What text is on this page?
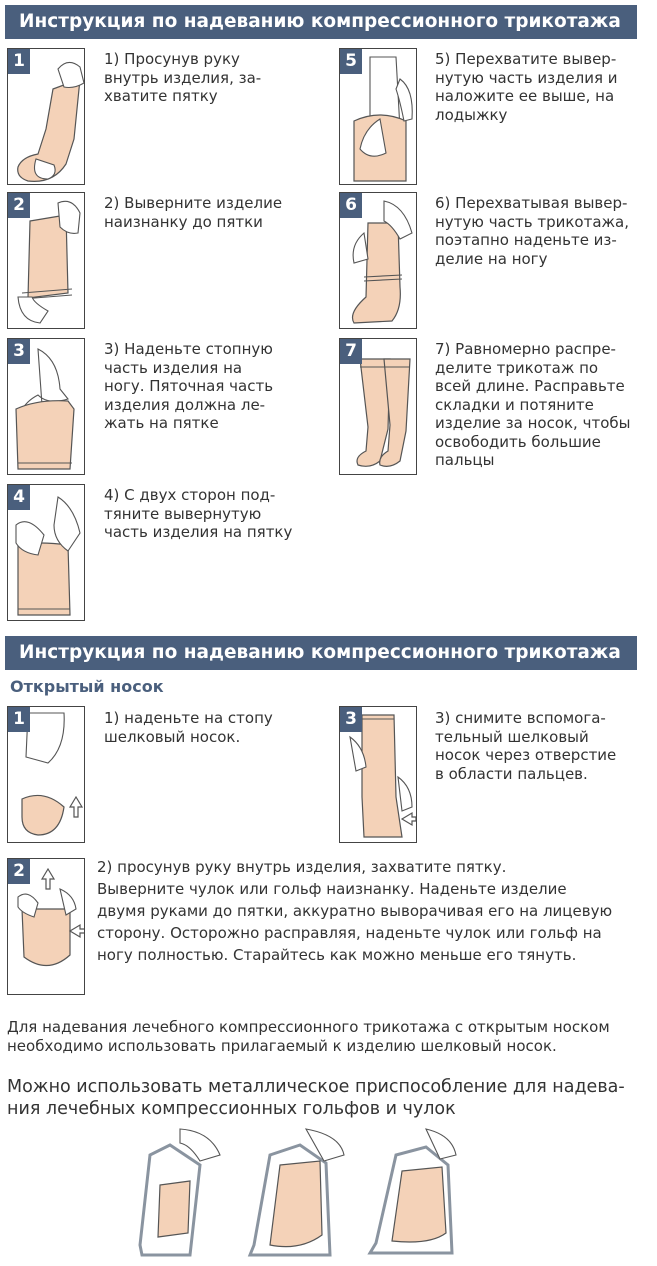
Инструкция по надеванию компрессионного трикотажа
1	1) Просунув руку
внутрь изделия, за-
хватите пятку
2	2) Выверните изделие
наизнанку до пятки
3	3) Наденьте стопную
часть изделия на
ногу. Пяточная часть
изделия должна ле-
жать на пятке
4	4) С двух сторон под-
тяните вывернутую
часть изделия на пятку
5	5) Перехватите вывер-
нутую часть изделия и
наложите ее выше, на
лодыжку
6	6) Перехватывая вывер-
нутую часть трикотажа,
поэтапно наденьте из-
делие на ногу
7	7) Равномерно распре-
делите трикотаж по
всей длине. Расправьте
складки и потяните
изделие за носок, чтобы
освободить большие
пальцы
Инструкция по надеванию компрессионного трикотажа
Открытый носок
1	1) наденьте на стопу
шелковый носок.
3	3) снимите вспомога-
тельный шелковый
носок через отверстие
в области пальцев.
2	2) просунув руку внутрь изделия, захватите пятку.
Выверните чулок или гольф наизнанку. Наденьте изделие
двумя руками до пятки, аккуратно выворачивая его на лицевую
сторону. Осторожно расправляя, наденьте чулок или гольф на
ногу полностью. Старайтесь как можно меньше его тянуть.
Для надевания лечебного компрессионного трикотажа с открытым носком
необходимо использовать прилагаемый к изделию шелковый носок.
Можно использовать металлическое приспособление для надева-
ния лечебных компрессионных гольфов и чулок
